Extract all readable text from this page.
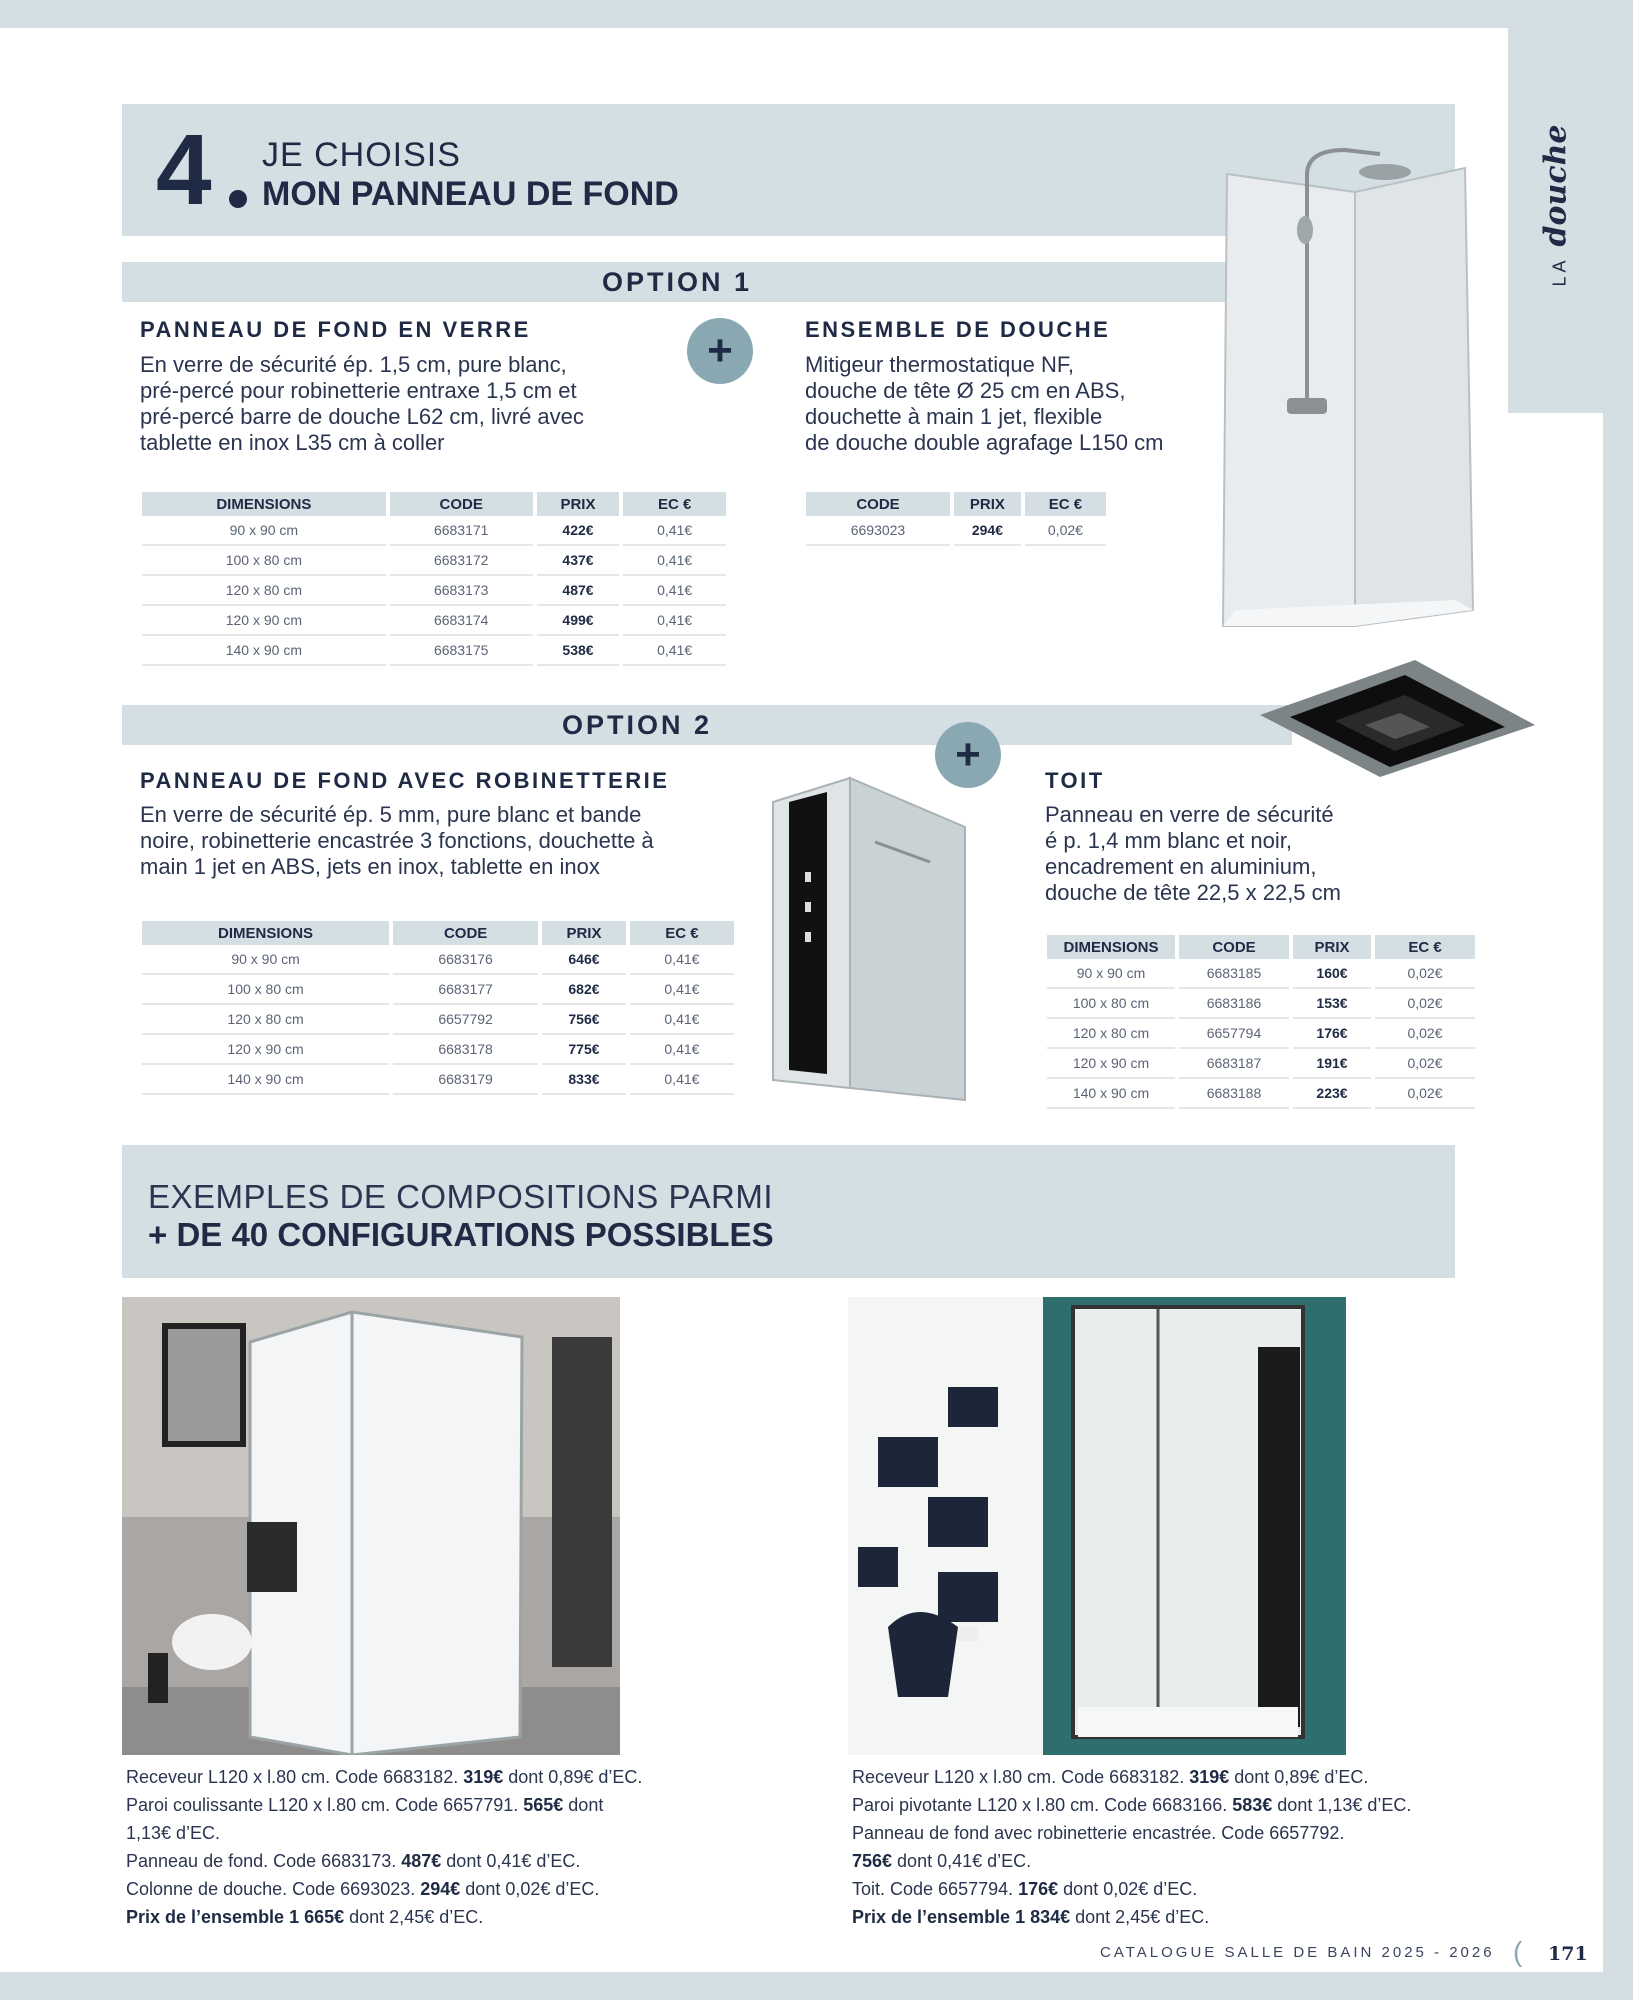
LAdouche
4 JE CHOISIS
MON PANNEAU DE FOND
OPTION 1
PANNEAU DE FOND EN VERRE
En verre de sécurité ép. 1,5 cm, pure blanc,
pré-percé pour robinetterie entraxe 1,5 cm et
pré-percé barre de douche L62 cm, livré avec
tablette en inox L35 cm à coller
+	ENSEMBLE DE DOUCHE
Mitigeur thermostatique NF,
douche de tête Ø 25 cm en ABS,
douchette à main 1 jet, flexible
de douche double agrafage L150 cm
DIMENSIONS	CODE	PRIX	EC €
90 x 90 cm	6683171	422€	0,41€
100 x 80 cm	6683172	437€	0,41€
120 x 80 cm	6683173	487€	0,41€
120 x 90 cm	6683174	499€	0,41€
140 x 90 cm	6683175	538€	0,41€
CODE	PRIX	EC €
6693023	294€	0,02€
OPTION 2
+
PANNEAU DE FOND AVEC ROBINETTERIE
En verre de sécurité ép. 5 mm, pure blanc et bande
noire, robinetterie encastrée 3 fonctions, douchette à
main 1 jet en ABS, jets en inox, tablette en inox
TOIT
Panneau en verre de sécurité
é p. 1,4 mm blanc et noir,
encadrement en aluminium,
douche de tête 22,5 x 22,5 cm
DIMENSIONS	CODE	PRIX	EC €
90 x 90 cm	6683176	646€	0,41€
100 x 80 cm	6683177	682€	0,41€
120 x 80 cm	6657792	756€	0,41€
120 x 90 cm	6683178	775€	0,41€
140 x 90 cm	6683179	833€	0,41€
DIMENSIONS	CODE	PRIX	EC €
90 x 90 cm	6683185	160€	0,02€
100 x 80 cm	6683186	153€	0,02€
120 x 80 cm	6657794	176€	0,02€
120 x 90 cm	6683187	191€	0,02€
140 x 90 cm	6683188	223€	0,02€
EXEMPLES DE COMPOSITIONS PARMI
+ DE 40 CONFIGURATIONS POSSIBLES
Receveur L120 x l.80 cm. Code 6683182. 319€ dont 0,89€ d’EC.
Paroi coulissante L120 x l.80 cm. Code 6657791. 565€ dont 1,13€ d’EC.
Panneau de fond. Code 6683173. 487€ dont 0,41€ d’EC.
Colonne de douche. Code 6693023. 294€ dont 0,02€ d’EC.
Prix de l’ensemble 1 665€ dont 2,45€ d’EC.
Receveur L120 x l.80 cm. Code 6683182. 319€ dont 0,89€ d’EC.
Paroi pivotante L120 x l.80 cm. Code 6683166. 583€ dont 1,13€ d’EC.
Panneau de fond avec robinetterie encastrée. Code 6657792.
756€ dont 0,41€ d’EC.
Toit. Code 6657794. 176€ dont 0,02€ d’EC.
Prix de l’ensemble 1 834€ dont 2,45€ d’EC.
CATALOGUE SALLE DE BAIN 2025 - 2026 ( 171
